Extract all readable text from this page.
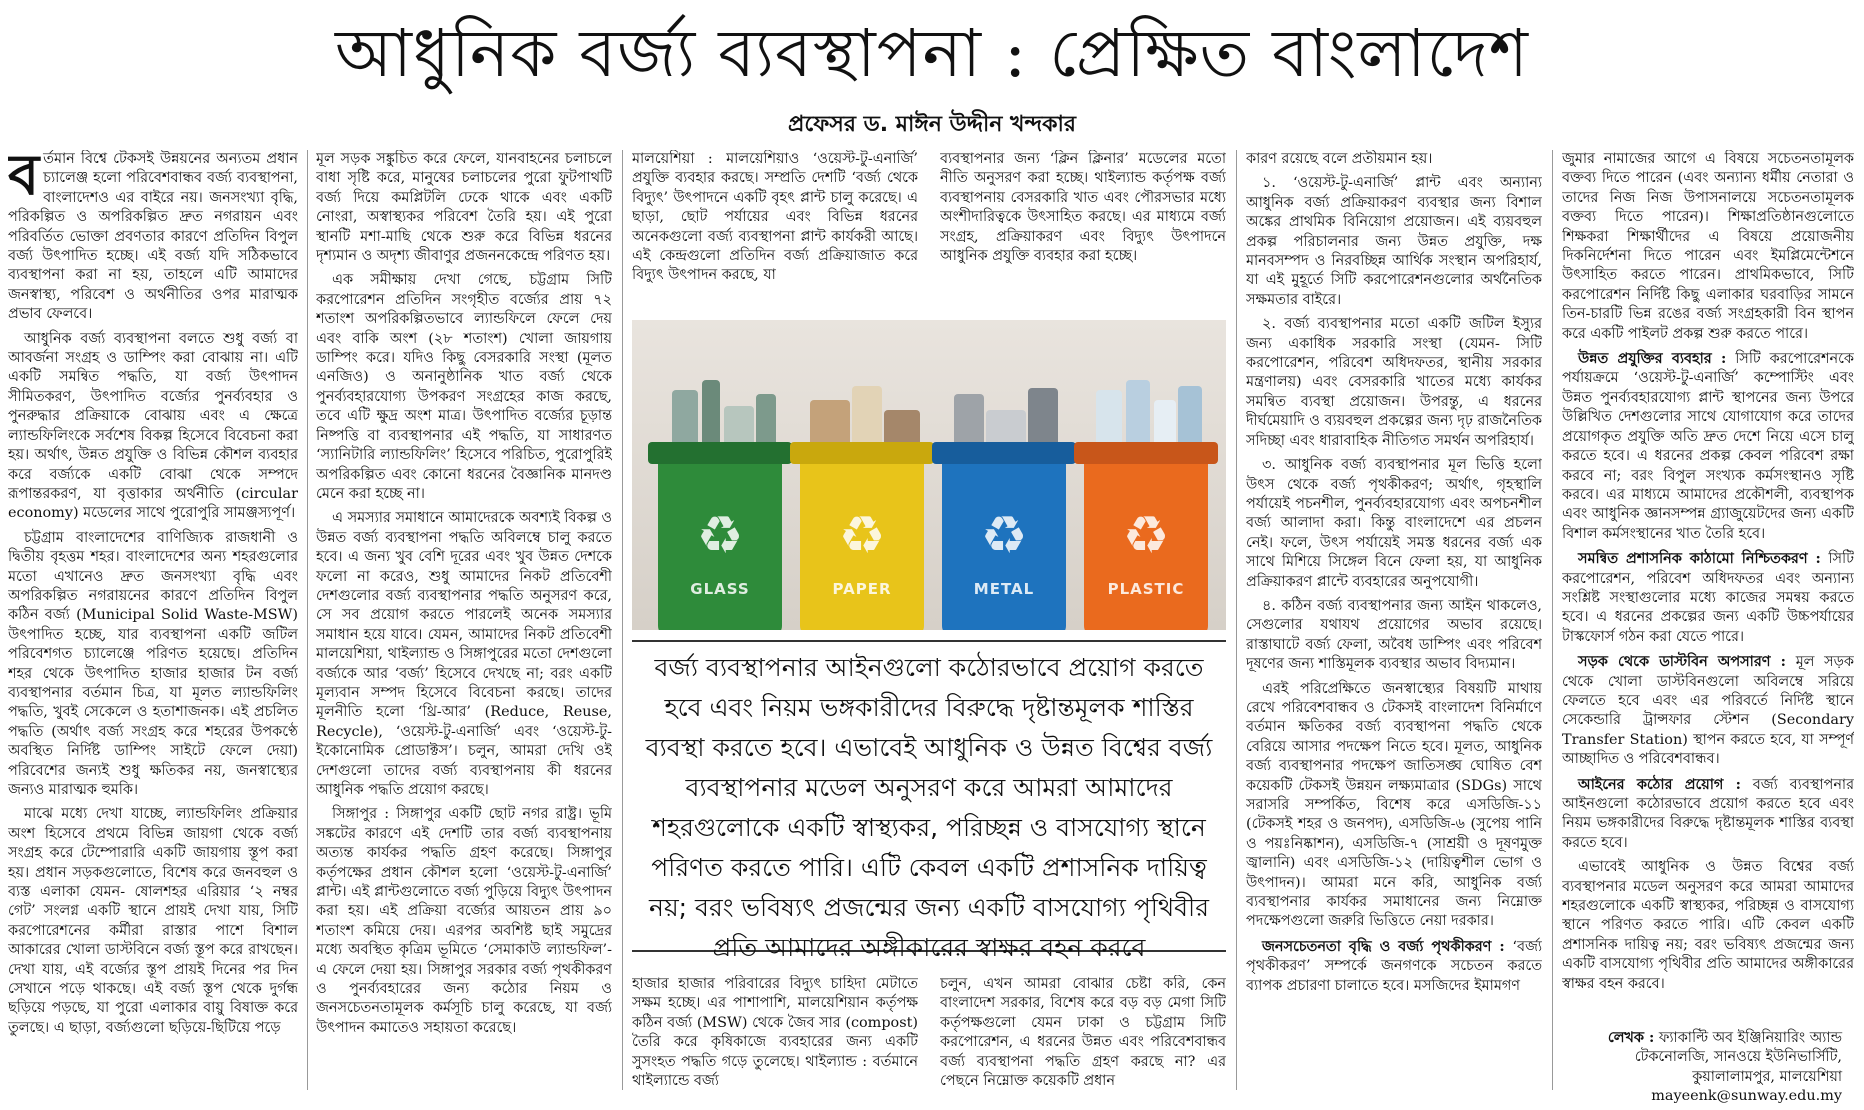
আধুনিক বর্জ্য ব্যবস্থাপনা : প্রেক্ষিত বাংলাদেশ
প্রফেসর ড. মাঈন উদ্দীন খন্দকার

বর্তমান বিশ্বে টেকসই উন্নয়নের অন্যতম প্রধান চ্যালেঞ্জ হলো পরিবেশবান্ধব বর্জ্য ব্যবস্থাপনা, বাংলাদেশও এর বাইরে নয়। জনসংখ্যা বৃদ্ধি, পরিকল্পিত ও অপরিকল্পিত দ্রুত নগরায়ন এবং পরিবর্তিত ভোক্তা প্রবণতার কারণে প্রতিদিন বিপুল বর্জ্য উৎপাদিত হচ্ছে। এই বর্জ্য যদি সঠিকভাবে ব্যবস্থাপনা করা না হয়, তাহলে এটি আমাদের জনস্বাস্থ্য, পরিবেশ ও অর্থনীতির ওপর মারাত্মক প্রভাব ফেলবে।

আধুনিক বর্জ্য ব্যবস্থাপনা বলতে শুধু বর্জ্য বা আবর্জনা সংগ্রহ ও ডাম্পিং করা বোঝায় না। এটি একটি সমন্বিত পদ্ধতি, যা বর্জ্য উৎপাদন সীমিতকরণ, উৎপাদিত বর্জ্যের পুনর্ব্যবহার ও পুনরুদ্ধার প্রক্রিয়াকে বোঝায় এবং এ ক্ষেত্রে ল্যান্ডফিলিংকে সর্বশেষ বিকল্প হিসেবে বিবেচনা করা হয়। অর্থাৎ, উন্নত প্রযুক্তি ও বিভিন্ন কৌশল ব্যবহার করে বর্জ্যকে একটি বোঝা থেকে সম্পদে রূপান্তরকরণ, যা বৃত্তাকার অর্থনীতি (circular economy) মডেলের সাথে পুরোপুরি সামঞ্জস্যপূর্ণ।

চট্টগ্রাম বাংলাদেশের বাণিজ্যিক রাজধানী ও দ্বিতীয় বৃহত্তম শহর। বাংলাদেশের অন্য শহরগুলোর মতো এখানেও দ্রুত জনসংখ্যা বৃদ্ধি এবং অপরিকল্পিত নগরায়নের কারণে প্রতিদিন বিপুল কঠিন বর্জ্য (Municipal Solid Waste-MSW) উৎপাদিত হচ্ছে, যার ব্যবস্থাপনা একটি জটিল পরিবেশগত চ্যালেঞ্জে পরিণত হয়েছে। প্রতিদিন শহর থেকে উৎপাদিত হাজার হাজার টন বর্জ্য ব্যবস্থাপনার বর্তমান চিত্র, যা মূলত ল্যান্ডফিলিং পদ্ধতি, খুবই সেকেলে ও হতাশাজনক। এই প্রচলিত পদ্ধতি (অর্থাৎ বর্জ্য সংগ্রহ করে শহরের উপকণ্ঠে অবস্থিত নির্দিষ্ট ডাম্পিং সাইটে ফেলে দেয়া) পরিবেশের জন্যই শুধু ক্ষতিকর নয়, জনস্বাস্থ্যের জন্যও মারাত্মক হুমকি।

মাঝে মধ্যে দেখা যাচ্ছে, ল্যান্ডফিলিং প্রক্রিয়ার অংশ হিসেবে প্রথমে বিভিন্ন জায়গা থেকে বর্জ্য সংগ্রহ করে টেম্পোরারি একটি জায়গায় স্তূপ করা হয়। প্রধান সড়কগুলোতে, বিশেষ করে জনবহুল ও ব্যস্ত এলাকা যেমন- ষোলশহর এরিয়ার ‘২ নম্বর গেট’ সংলগ্ন একটি স্থানে প্রায়ই দেখা যায়, সিটি করপোরেশনের কর্মীরা রাস্তার পাশে বিশাল আকারের খোলা ডাস্টবিনে বর্জ্য স্তূপ করে রাখছেন। দেখা যায়, এই বর্জ্যের স্তূপ প্রায়ই দিনের পর দিন সেখানে পড়ে থাকছে। এই বর্জ্য স্তূপ থেকে দুর্গন্ধ ছড়িয়ে পড়ছে, যা পুরো এলাকার বায়ু বিষাক্ত করে তুলছে। এ ছাড়া, বর্জ্যগুলো ছড়িয়ে-ছিটিয়ে পড়ে

মূল সড়ক সঙ্কুচিত করে ফেলে, যানবাহনের চলাচলে বাধা সৃষ্টি করে, মানুষের চলাচলের পুরো ফুটপাথটি বর্জ্য দিয়ে কমপ্লিটলি ঢেকে থাকে এবং একটি নোংরা, অস্বাস্থ্যকর পরিবেশ তৈরি হয়। এই পুরো স্থানটি মশা-মাছি থেকে শুরু করে বিভিন্ন ধরনের দৃশ্যমান ও অদৃশ্য জীবাণুর প্রজননকেন্দ্রে পরিণত হয়।

এক সমীক্ষায় দেখা গেছে, চট্টগ্রাম সিটি করপোরেশন প্রতিদিন সংগৃহীত বর্জ্যের প্রায় ৭২ শতাংশ অপরিকল্পিতভাবে ল্যান্ডফিলে ফেলে দেয় এবং বাকি অংশ (২৮ শতাংশ) খোলা জায়গায় ডাম্পিং করে। যদিও কিছু বেসরকারি সংস্থা (মূলত এনজিও) ও অনানুষ্ঠানিক খাত বর্জ্য থেকে পুনর্ব্যবহারযোগ্য উপকরণ সংগ্রহের কাজ করছে, তবে এটি ক্ষুদ্র অংশ মাত্র। উৎপাদিত বর্জ্যের চূড়ান্ত নিষ্পত্তি বা ব্যবস্থাপনার এই পদ্ধতি, যা সাধারণত ‘স্যানিটারি ল্যান্ডফিলিং’ হিসেবে পরিচিত, পুরোপুরিই অপরিকল্পিত এবং কোনো ধরনের বৈজ্ঞানিক মানদণ্ড মেনে করা হচ্ছে না।

এ সমস্যার সমাধানে আমাদেরকে অবশ্যই বিকল্প ও উন্নত বর্জ্য ব্যবস্থাপনা পদ্ধতি অবিলম্বে চালু করতে হবে। এ জন্য খুব বেশি দূরের এবং খুব উন্নত দেশকে ফলো না করেও, শুধু আমাদের নিকট প্রতিবেশী দেশগুলোর বর্জ্য ব্যবস্থাপনার পদ্ধতি অনুসরণ করে, সে সব প্রয়োগ করতে পারলেই অনেক সমস্যার সমাধান হয়ে যাবে। যেমন, আমাদের নিকট প্রতিবেশী মালয়েশিয়া, থাইল্যান্ড ও সিঙ্গাপুরের মতো দেশগুলো বর্জ্যকে আর ‘বর্জ্য’ হিসেবে দেখছে না; বরং একটি মূল্যবান সম্পদ হিসেবে বিবেচনা করছে। তাদের মূলনীতি হলো ‘থ্রি-আর’ (Reduce, Reuse, Recycle), ‘ওয়েস্ট-টু-এনার্জি’ এবং ‘ওয়েস্ট-টু-ইকোনোমিক প্রোডাক্টস’। চলুন, আমরা দেখি ওই দেশগুলো তাদের বর্জ্য ব্যবস্থাপনায় কী ধরনের আধুনিক পদ্ধতি প্রয়োগ করছে।

সিঙ্গাপুর : সিঙ্গাপুর একটি ছোট নগর রাষ্ট্র। ভূমি সঙ্কটের কারণে এই দেশটি তার বর্জ্য ব্যবস্থাপনায় অত্যন্ত কার্যকর পদ্ধতি গ্রহণ করেছে। সিঙ্গাপুর কর্তৃপক্ষের প্রধান কৌশল হলো ‘ওয়েস্ট-টু-এনার্জি’ প্লান্ট। এই প্লান্টগুলোতে বর্জ্য পুড়িয়ে বিদ্যুৎ উৎপাদন করা হয়। এই প্রক্রিয়া বর্জ্যের আয়তন প্রায় ৯০ শতাংশ কমিয়ে দেয়। এরপর অবশিষ্ট ছাই সমুদ্রের মধ্যে অবস্থিত কৃত্রিম ভূমিতে ‘সেমাকাউ ল্যান্ডফিল’-এ ফেলে দেয়া হয়। সিঙ্গাপুর সরকার বর্জ্য পৃথকীকরণ ও পুনর্ব্যবহারের জন্য কঠোর নিয়ম ও জনসচেতনতামূলক কর্মসূচি চালু করেছে, যা বর্জ্য উৎপাদন কমাতেও সহায়তা করেছে।

মালয়েশিয়া : মালয়েশিয়াও ‘ওয়েস্ট-টু-এনার্জি’ প্রযুক্তি ব্যবহার করছে। সম্প্রতি দেশটি ‘বর্জ্য থেকে বিদ্যুৎ’ উৎপাদনে একটি বৃহৎ প্লান্ট চালু করেছে। এ ছাড়া, ছোট পর্যায়ের এবং বিভিন্ন ধরনের অনেকগুলো বর্জ্য ব্যবস্থাপনা প্লান্ট কার্যকরী আছে। এই কেন্দ্রগুলো প্রতিদিন বর্জ্য প্রক্রিয়াজাত করে বিদ্যুৎ উৎপাদন করছে, যা

ব্যবস্থাপনার জন্য ‘ক্লিন ক্লিনার’ মডেলের মতো নীতি অনুসরণ করা হচ্ছে। থাইল্যান্ড কর্তৃপক্ষ বর্জ্য ব্যবস্থাপনায় বেসরকারি খাত এবং পৌরসভার মধ্যে অংশীদারিত্বকে উৎসাহিত করছে। এর মাধ্যমে বর্জ্য সংগ্রহ, প্রক্রিয়াকরণ এবং বিদ্যুৎ উৎপাদনে আধুনিক প্রযুক্তি ব্যবহার করা হচ্ছে।

♻
GLASS
♻
PAPER
♻
METAL
♻
PLASTIC
বর্জ্য ব্যবস্থাপনার আইনগুলো কঠোরভাবে প্রয়োগ করতে হবে এবং নিয়ম ভঙ্গকারীদের বিরুদ্ধে দৃষ্টান্তমূলক শাস্তির ব্যবস্থা করতে হবে। এভাবেই আধুনিক ও উন্নত বিশ্বের বর্জ্য ব্যবস্থাপনার মডেল অনুসরণ করে আমরা আমাদের শহরগুলোকে একটি স্বাস্থ্যকর, পরিচ্ছন্ন ও বাসযোগ্য স্থানে পরিণত করতে পারি। এটি কেবল একটি প্রশাসনিক দায়িত্ব নয়; বরং ভবিষ্যৎ প্রজন্মের জন্য একটি বাসযোগ্য পৃথিবীর প্রতি আমাদের অঙ্গীকারের স্বাক্ষর বহন করবে

হাজার হাজার পরিবারের বিদ্যুৎ চাহিদা মেটাতে সক্ষম হচ্ছে। এর পাশাপাশি, মালয়েশিয়ান কর্তৃপক্ষ কঠিন বর্জ্য (MSW) থেকে জৈব সার (compost) তৈরি করে কৃষিকাজে ব্যবহারের জন্য একটি সুসংহত পদ্ধতি গড়ে তুলেছে। থাইল্যান্ড : বর্তমানে থাইল্যান্ডে বর্জ্য

চলুন, এখন আমরা বোঝার চেষ্টা করি, কেন বাংলাদেশ সরকার, বিশেষ করে বড় বড় মেগা সিটি কর্তৃপক্ষগুলো যেমন ঢাকা ও চট্টগ্রাম সিটি করপোরেশন, এ ধরনের উন্নত এবং পরিবেশবান্ধব বর্জ্য ব্যবস্থাপনা পদ্ধতি গ্রহণ করছে না? এর পেছনে নিম্নোক্ত কয়েকটি প্রধান

কারণ রয়েছে বলে প্রতীয়মান হয়।

১. ‘ওয়েস্ট-টু-এনার্জি’ প্লান্ট এবং অন্যান্য আধুনিক বর্জ্য প্রক্রিয়াকরণ ব্যবস্থার জন্য বিশাল অঙ্কের প্রাথমিক বিনিয়োগ প্রয়োজন। এই ব্যয়বহুল প্রকল্প পরিচালনার জন্য উন্নত প্রযুক্তি, দক্ষ মানবসম্পদ ও নিরবচ্ছিন্ন আর্থিক সংস্থান অপরিহার্য, যা এই মুহূর্তে সিটি করপোরেশনগুলোর অর্থনৈতিক সক্ষমতার বাইরে।

২. বর্জ্য ব্যবস্থাপনার মতো একটি জটিল ইস্যুর জন্য একাধিক সরকারি সংস্থা (যেমন- সিটি করপোরেশন, পরিবেশ অধিদফতর, স্থানীয় সরকার মন্ত্রণালয়) এবং বেসরকারি খাতের মধ্যে কার্যকর সমন্বিত ব্যবস্থা প্রয়োজন। উপরন্তু, এ ধরনের দীর্ঘমেয়াদি ও ব্যয়বহুল প্রকল্পের জন্য দৃঢ় রাজনৈতিক সদিচ্ছা এবং ধারাবাহিক নীতিগত সমর্থন অপরিহার্য।

৩. আধুনিক বর্জ্য ব্যবস্থাপনার মূল ভিত্তি হলো উৎস থেকে বর্জ্য পৃথকীকরণ; অর্থাৎ, গৃহস্থালি পর্যায়েই পচনশীল, পুনর্ব্যবহারযোগ্য এবং অপচনশীল বর্জ্য আলাদা করা। কিন্তু বাংলাদেশে এর প্রচলন নেই। ফলে, উৎস পর্যায়েই সমস্ত ধরনের বর্জ্য এক সাথে মিশিয়ে সিঙ্গেল বিনে ফেলা হয়, যা আধুনিক প্রক্রিয়াকরণ প্লান্টে ব্যবহারের অনুপযোগী।

৪. কঠিন বর্জ্য ব্যবস্থাপনার জন্য আইন থাকলেও, সেগুলোর যথাযথ প্রয়োগের অভাব রয়েছে। রাস্তাঘাটে বর্জ্য ফেলা, অবৈধ ডাম্পিং এবং পরিবেশ দূষণের জন্য শাস্তিমূলক ব্যবস্থার অভাব বিদ্যমান।

এরই পরিপ্রেক্ষিতে জনস্বাস্থ্যের বিষয়টি মাথায় রেখে পরিবেশবান্ধব ও টেকসই বাংলাদেশ বিনির্মাণে বর্তমান ক্ষতিকর বর্জ্য ব্যবস্থাপনা পদ্ধতি থেকে বেরিয়ে আসার পদক্ষেপ নিতে হবে। মূলত, আধুনিক বর্জ্য ব্যবস্থাপনার পদক্ষেপ জাতিসঙ্ঘ ঘোষিত বেশ কয়েকটি টেকসই উন্নয়ন লক্ষ্যমাত্রার (SDGs) সাথে সরাসরি সম্পর্কিত, বিশেষ করে এসডিজি-১১ (টেকসই শহর ও জনপদ), এসডিজি-৬ (সুপেয় পানি ও পয়ঃনিষ্কাশন), এসডিজি-৭ (সাশ্রয়ী ও দূষণমুক্ত জ্বালানি) এবং এসডিজি-১২ (দায়িত্বশীল ভোগ ও উৎপাদন)। আমরা মনে করি, আধুনিক বর্জ্য ব্যবস্থাপনার কার্যকর সমাধানের জন্য নিম্নোক্ত পদক্ষেপগুলো জরুরি ভিত্তিতে নেয়া দরকার।

জনসচেতনতা বৃদ্ধি ও বর্জ্য পৃথকীকরণ : ‘বর্জ্য পৃথকীকরণ’ সম্পর্কে জনগণকে সচেতন করতে ব্যাপক প্রচারণা চালাতে হবে। মসজিদের ইমামগণ

জুমার নামাজের আগে এ বিষয়ে সচেতনতামূলক বক্তব্য দিতে পারেন (এবং অন্যান্য ধর্মীয় নেতারা ও তাদের নিজ নিজ উপাসনালয়ে সচেতনতামূলক বক্তব্য দিতে পারেন)। শিক্ষাপ্রতিষ্ঠানগুলোতে শিক্ষকরা শিক্ষার্থীদের এ বিষয়ে প্রয়োজনীয় দিকনির্দেশনা দিতে পারেন এবং ইমপ্লিমেন্টেশনে উৎসাহিত করতে পারেন। প্রাথমিকভাবে, সিটি করপোরেশন নির্দিষ্ট কিছু এলাকার ঘরবাড়ির সামনে তিন-চারটি ভিন্ন রঙের বর্জ্য সংগ্রহকারী বিন স্থাপন করে একটি পাইলট প্রকল্প শুরু করতে পারে।

উন্নত প্রযুক্তির ব্যবহার : সিটি করপোরেশনকে পর্যায়ক্রমে ‘ওয়েস্ট-টু-এনার্জি’ কম্পোস্টিং এবং উন্নত পুনর্ব্যবহারযোগ্য প্লান্ট স্থাপনের জন্য উপরে উল্লিখিত দেশগুলোর সাথে যোগাযোগ করে তাদের প্রয়োগকৃত প্রযুক্তি অতি দ্রুত দেশে নিয়ে এসে চালু করতে হবে। এ ধরনের প্রকল্প কেবল পরিবেশ রক্ষা করবে না; বরং বিপুল সংখ্যক কর্মসংস্থানও সৃষ্টি করবে। এর মাধ্যমে আমাদের প্রকৌশলী, ব্যবস্থাপক এবং আধুনিক জ্ঞানসম্পন্ন গ্র্যাজুয়েটদের জন্য একটি বিশাল কর্মসংস্থানের খাত তৈরি হবে।

সমন্বিত প্রশাসনিক কাঠামো নিশ্চিতকরণ : সিটি করপোরেশন, পরিবেশ অধিদফতর এবং অন্যান্য সংশ্লিষ্ট সংস্থাগুলোর মধ্যে কাজের সমন্বয় করতে হবে। এ ধরনের প্রকল্পের জন্য একটি উচ্চপর্যায়ের টাস্কফোর্স গঠন করা যেতে পারে।

সড়ক থেকে ডাস্টবিন অপসারণ : মূল সড়ক থেকে খোলা ডাস্টবিনগুলো অবিলম্বে সরিয়ে ফেলতে হবে এবং এর পরিবর্তে নির্দিষ্ট স্থানে সেকেন্ডারি ট্রান্সফার স্টেশন (Secondary Transfer Station) স্থাপন করতে হবে, যা সম্পূর্ণ আচ্ছাদিত ও পরিবেশবান্ধব।

আইনের কঠোর প্রয়োগ : বর্জ্য ব্যবস্থাপনার আইনগুলো কঠোরভাবে প্রয়োগ করতে হবে এবং নিয়ম ভঙ্গকারীদের বিরুদ্ধে দৃষ্টান্তমূলক শাস্তির ব্যবস্থা করতে হবে।

এভাবেই আধুনিক ও উন্নত বিশ্বের বর্জ্য ব্যবস্থাপনার মডেল অনুসরণ করে আমরা আমাদের শহরগুলোকে একটি স্বাস্থ্যকর, পরিচ্ছন্ন ও বাসযোগ্য স্থানে পরিণত করতে পারি। এটি কেবল একটি প্রশাসনিক দায়িত্ব নয়; বরং ভবিষ্যৎ প্রজন্মের জন্য একটি বাসযোগ্য পৃথিবীর প্রতি আমাদের অঙ্গীকারের স্বাক্ষর বহন করবে।

লেখক : ফ্যাকাল্টি অব ইঞ্জিনিয়ারিং অ্যান্ড টেকনোলজি, সানওয়ে ইউনিভার্সিটি, কুয়ালালামপুর, মালয়েশিয়া
mayeenk@sunway.edu.my
